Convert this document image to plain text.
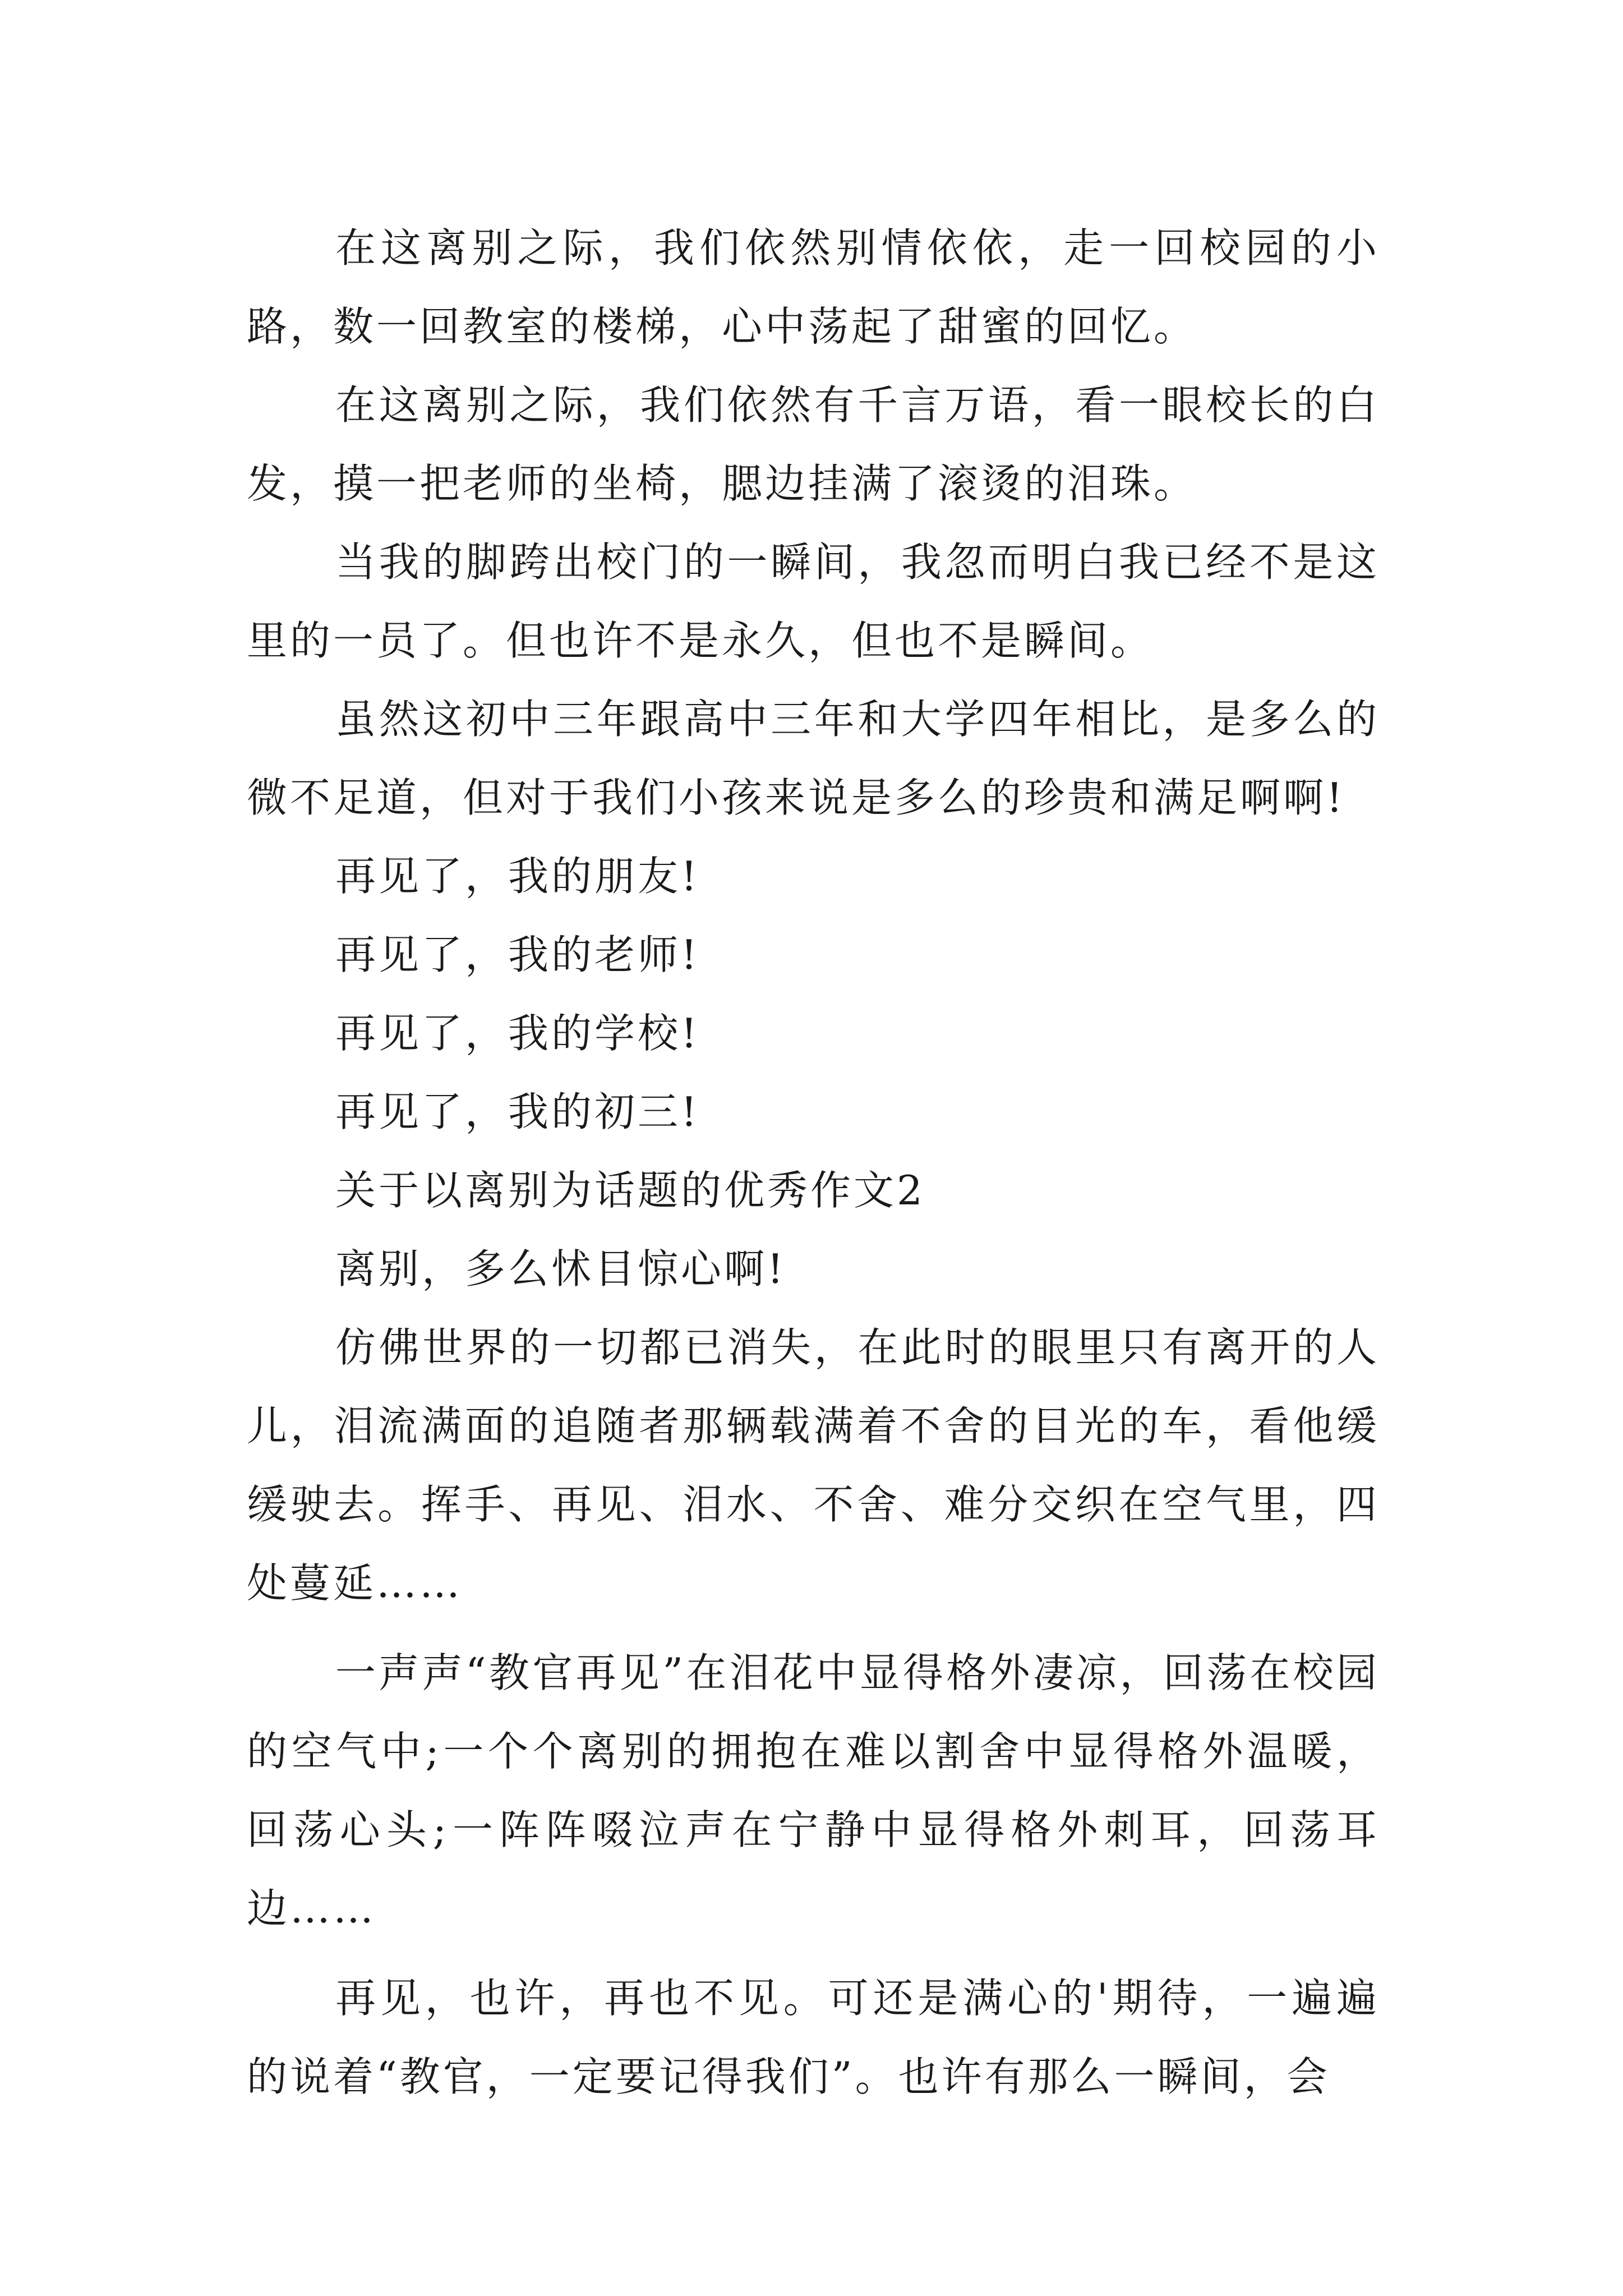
在这离别之际，我们依然别情依依，走一回校园的小路，数一回教室的楼梯，心中荡起了甜蜜的回忆。

在这离别之际，我们依然有千言万语，看一眼校长的白发，摸一把老师的坐椅，腮边挂满了滚烫的泪珠。

当我的脚跨出校门的一瞬间，我忽而明白我已经不是这里的一员了。但也许不是永久，但也不是瞬间。

虽然这初中三年跟高中三年和大学四年相比，是多么的微不足道，但对于我们小孩来说是多么的珍贵和满足啊啊!

再见了，我的朋友!

再见了，我的老师!

再见了，我的学校!

再见了，我的初三!

关于以离别为话题的优秀作文2

离别，多么怵目惊心啊!

仿佛世界的一切都已消失，在此时的眼里只有离开的人儿，泪流满面的追随者那辆载满着不舍的目光的车，看他缓缓驶去。挥手、再见、泪水、不舍、难分交织在空气里，四处蔓延……

一声声“教官再见”在泪花中显得格外凄凉，回荡在校园的空气中;一个个离别的拥抱在难以割舍中显得格外温暖，回荡心头;一阵阵啜泣声在宁静中显得格外刺耳，回荡耳边……

再见，也许，再也不见。可还是满心的'期待，一遍遍的说着“教官，一定要记得我们”。也许有那么一瞬间，会
